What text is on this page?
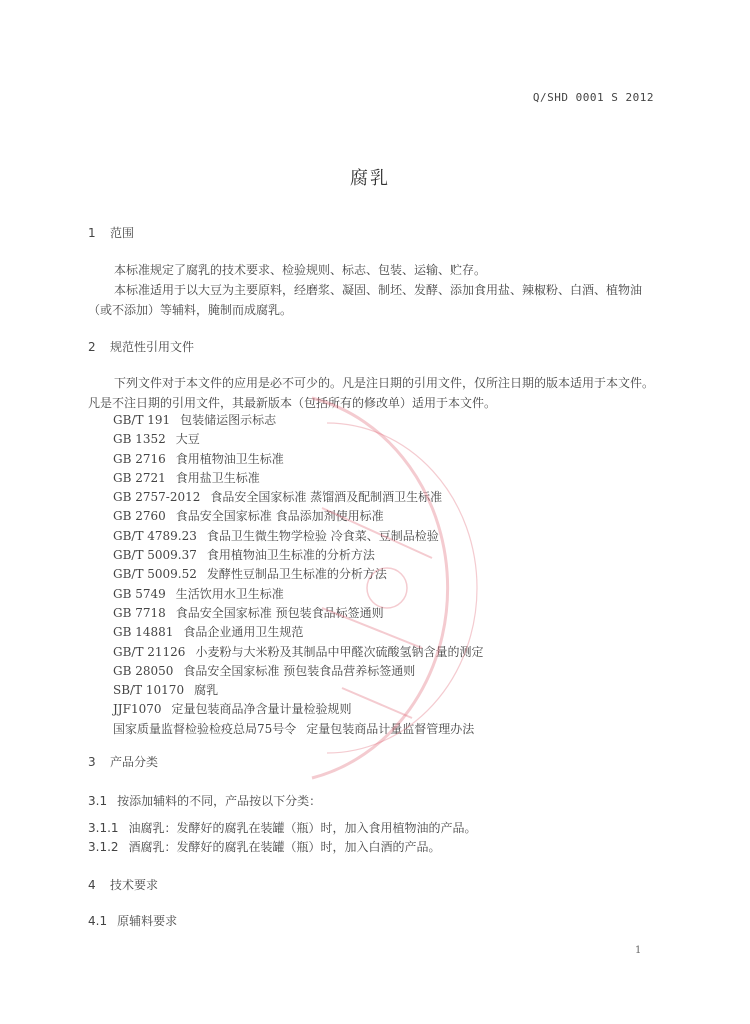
Q/SHD 0001 S 2012
腐乳
1 范围
本标准规定了腐乳的技术要求、检验规则、标志、包装、运输、贮存。
本标准适用于以大豆为主要原料，经磨浆、凝固、制坯、发酵、添加食用盐、辣椒粉、白酒、植物油（或不添加）等辅料，腌制而成腐乳。
2 规范性引用文件
下列文件对于本文件的应用是必不可少的。凡是注日期的引用文件，仅所注日期的版本适用于本文件。凡是不注日期的引用文件，其最新版本（包括所有的修改单）适用于本文件。
GB/T 191 包装储运图示标志
GB 1352 大豆
GB 2716 食用植物油卫生标准
GB 2721 食用盐卫生标准
GB 2757-2012 食品安全国家标准 蒸馏酒及配制酒卫生标准
GB 2760 食品安全国家标准 食品添加剂使用标准
GB/T 4789.23 食品卫生微生物学检验 冷食菜、豆制品检验
GB/T 5009.37 食用植物油卫生标准的分析方法
GB/T 5009.52 发酵性豆制品卫生标准的分析方法
GB 5749 生活饮用水卫生标准
GB 7718 食品安全国家标准 预包装食品标签通则
GB 14881 食品企业通用卫生规范
GB/T 21126 小麦粉与大米粉及其制品中甲醛次硫酸氢钠含量的测定
GB 28050 食品安全国家标准 预包装食品营养标签通则
SB/T 10170 腐乳
JJF1070 定量包装商品净含量计量检验规则
国家质量监督检验检疫总局75号令 定量包装商品计量监督管理办法
3 产品分类
3.1 按添加辅料的不同，产品按以下分类：
3.1.1 油腐乳：发酵好的腐乳在装罐（瓶）时，加入食用植物油的产品。
3.1.2 酒腐乳：发酵好的腐乳在装罐（瓶）时，加入白酒的产品。
4 技术要求
4.1 原辅料要求
1
